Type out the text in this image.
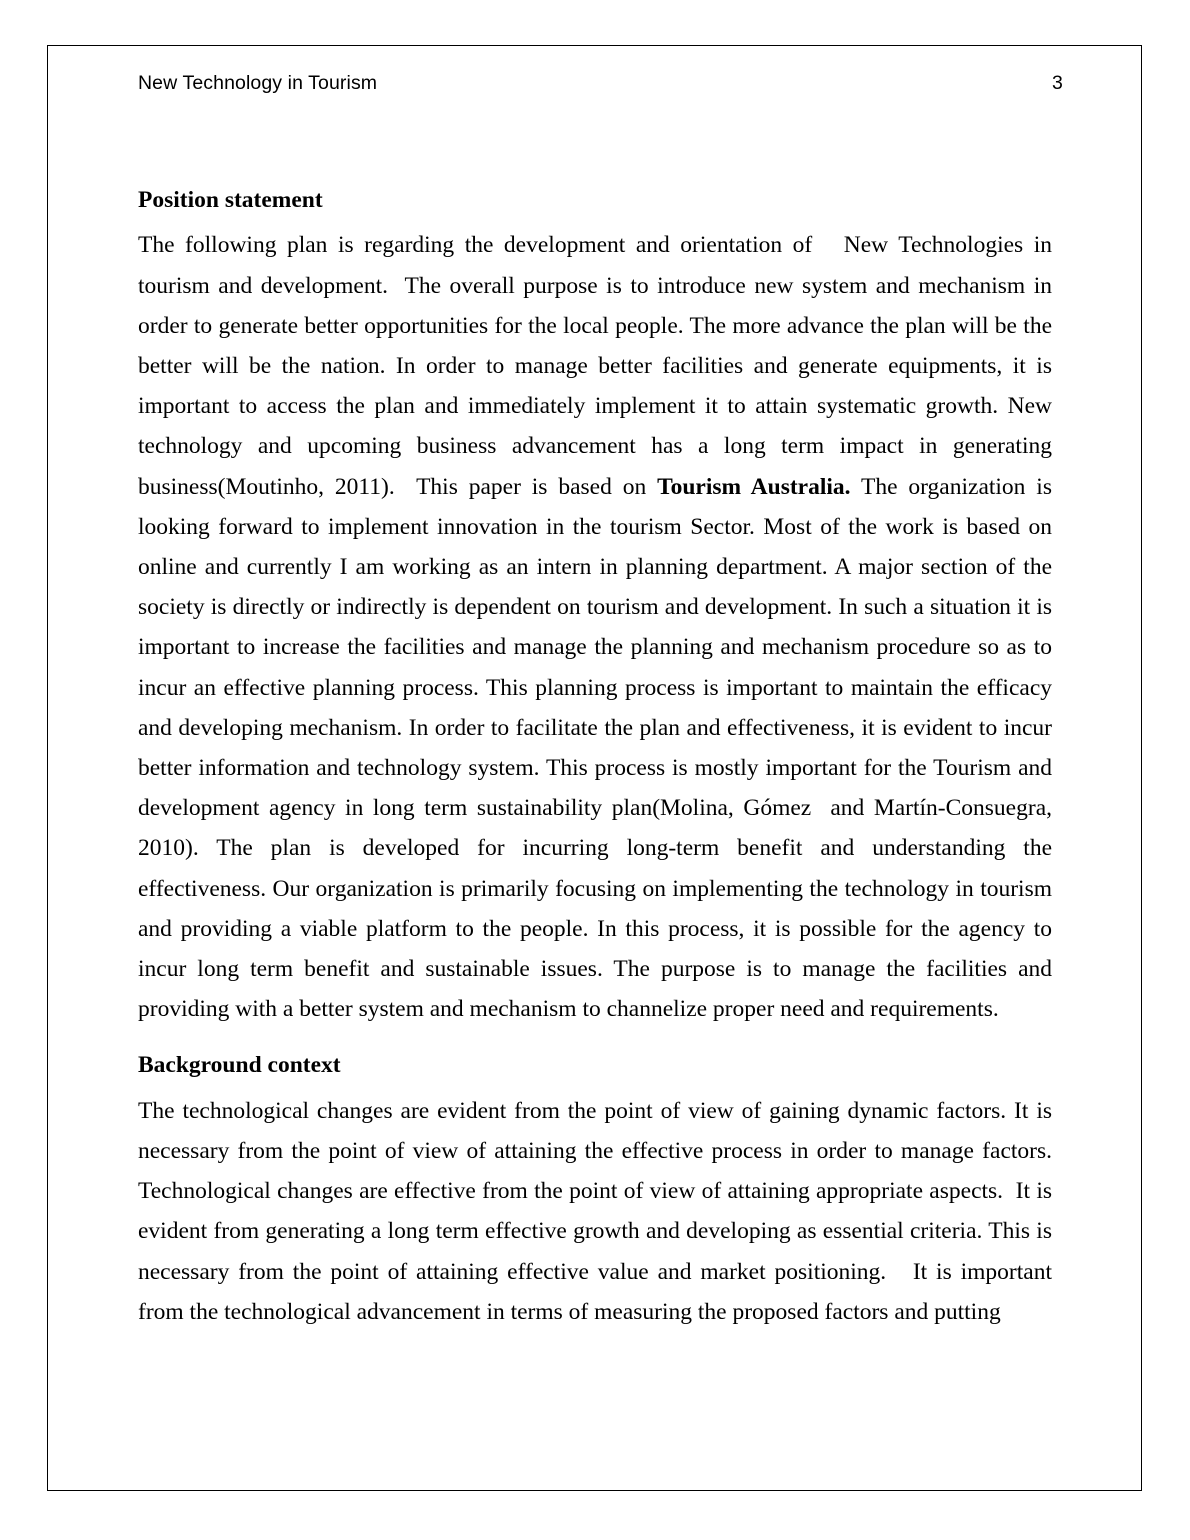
New Technology in Tourism	3
Position statement

The following plan is regarding the development and orientation of   New Technologies in tourism and development.  The overall purpose is to introduce new system and mechanism in order to generate better opportunities for the local people. The more advance the plan will be the better will be the nation. In order to manage better facilities and generate equipments, it is important to access the plan and immediately implement it to attain systematic growth. New technology and upcoming business advancement has a long term impact in generating business(Moutinho, 2011).  This paper is based on Tourism Australia. The organization is looking forward to implement innovation in the tourism Sector. Most of the work is based on online and currently I am working as an intern in planning department. A major section of the society is directly or indirectly is dependent on tourism and development. In such a situation it is important to increase the facilities and manage the planning and mechanism procedure so as to incur an effective planning process. This planning process is important to maintain the efficacy and developing mechanism. In order to facilitate the plan and effectiveness, it is evident to incur better information and technology system. This process is mostly important for the Tourism and development agency in long term sustainability plan(Molina, Gómez  and Martín-Consuegra, 2010). The plan is developed for incurring long-term benefit and understanding the effectiveness. Our organization is primarily focusing on implementing the technology in tourism and providing a viable platform to the people. In this process, it is possible for the agency to incur long term benefit and sustainable issues. The purpose is to manage the facilities and providing with a better system and mechanism to channelize proper need and requirements.

Background context

The technological changes are evident from the point of view of gaining dynamic factors. It is necessary from the point of view of attaining the effective process in order to manage factors. Technological changes are effective from the point of view of attaining appropriate aspects.  It is evident from generating a long term effective growth and developing as essential criteria. This is necessary from the point of attaining effective value and market positioning.   It is important from the technological advancement in terms of measuring the proposed factors and putting
